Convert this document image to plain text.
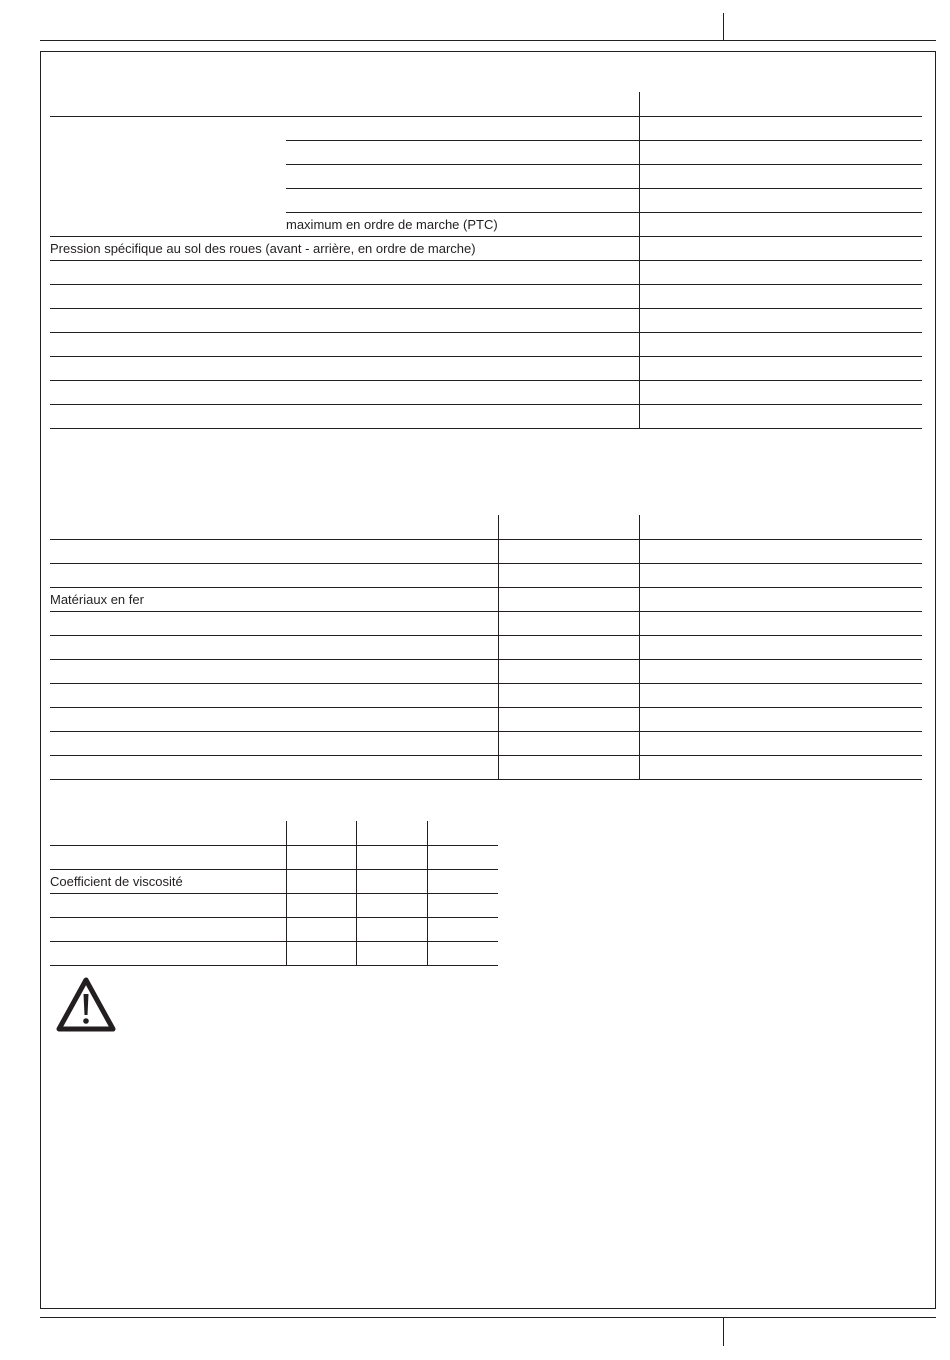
	maximum en ordre de marche (PTC)	
Pression spécifique au sol des roues (avant - arrière, en ordre de marche)		

Matériaux en fer		

Coefficient de viscosité			
